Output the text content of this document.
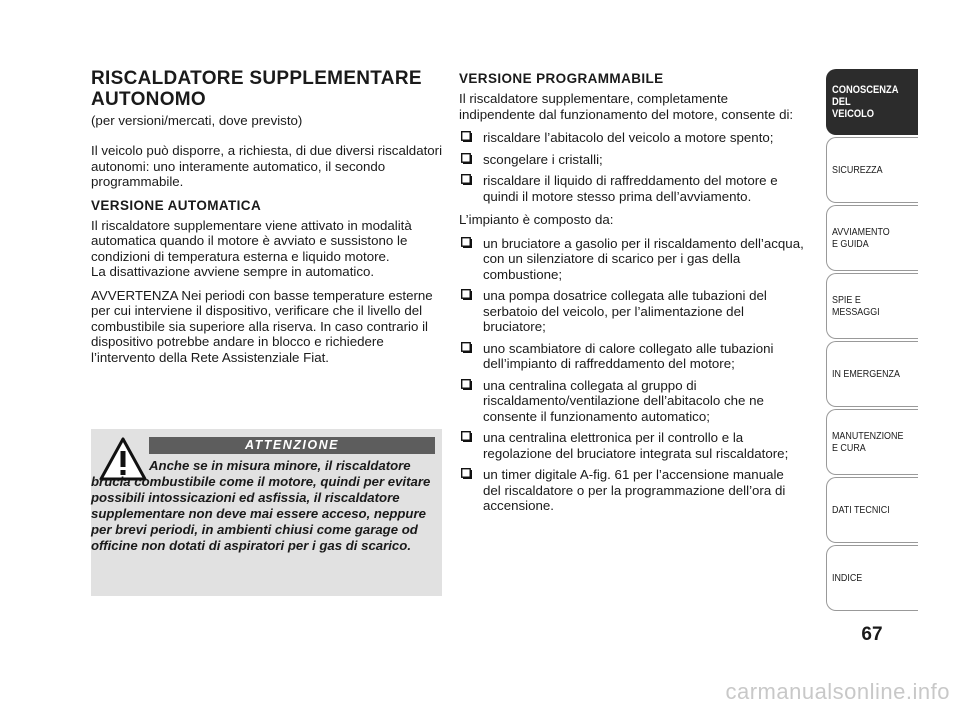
RISCALDATORE SUPPLEMENTARE
AUTONOMO
(per versioni/mercati, dove previsto)

Il veicolo può disporre, a richiesta, di due diversi riscaldatori autonomi: uno interamente automatico, il secondo programmabile.

VERSIONE AUTOMATICA

Il riscaldatore supplementare viene attivato in modalità automatica quando il motore è avviato e sussistono le condizioni di temperatura esterna e liquido motore.

La disattivazione avviene sempre in automatico.

AVVERTENZA Nei periodi con basse temperature esterne per cui interviene il dispositivo, verificare che il livello del combustibile sia superiore alla riserva. In caso contrario il dispositivo potrebbe andare in blocco e richiedere l’intervento della Rete Assistenziale Fiat.

ATTENZIONE
Anche se in misura minore, il riscaldatore brucia combustibile come il motore, quindi per evitare possibili intossicazioni ed asfissia, il riscaldatore supplementare non deve mai essere acceso, neppure per brevi periodi, in ambienti chiusi come garage od officine non dotati di aspiratori per i gas di scarico.
VERSIONE PROGRAMMABILE

Il riscaldatore supplementare, completamente indipendente dal funzionamento del motore, consente di:

riscaldare l’abitacolo del veicolo a motore spento;
scongelare i cristalli;
riscaldare il liquido di raffreddamento del motore e quindi il motore stesso prima dell’avviamento.

L’impianto è composto da:

un bruciatore a gasolio per il riscaldamento dell’acqua, con un silenziatore di scarico per i gas della combustione;
una pompa dosatrice collegata alle tubazioni del serbatoio del veicolo, per l’alimentazione del bruciatore;
uno scambiatore di calore collegato alle tubazioni dell’impianto di raffreddamento del motore;
una centralina collegata al gruppo di riscaldamento/ventilazione dell’abitacolo che ne consente il funzionamento automatico;
una centralina elettronica per il controllo e la regolazione del bruciatore integrata sul riscaldatore;
un timer digitale A-fig. 61 per l’accensione manuale del riscaldatore o per la programmazione dell’ora di accensione.
CONOSCENZA
DEL
VEICOLO
SICUREZZA
AVVIAMENTO
E GUIDA
SPIE E
MESSAGGI
IN EMERGENZA
MANUTENZIONE
E CURA
DATI TECNICI
INDICE
67
carmanualsonline.info
